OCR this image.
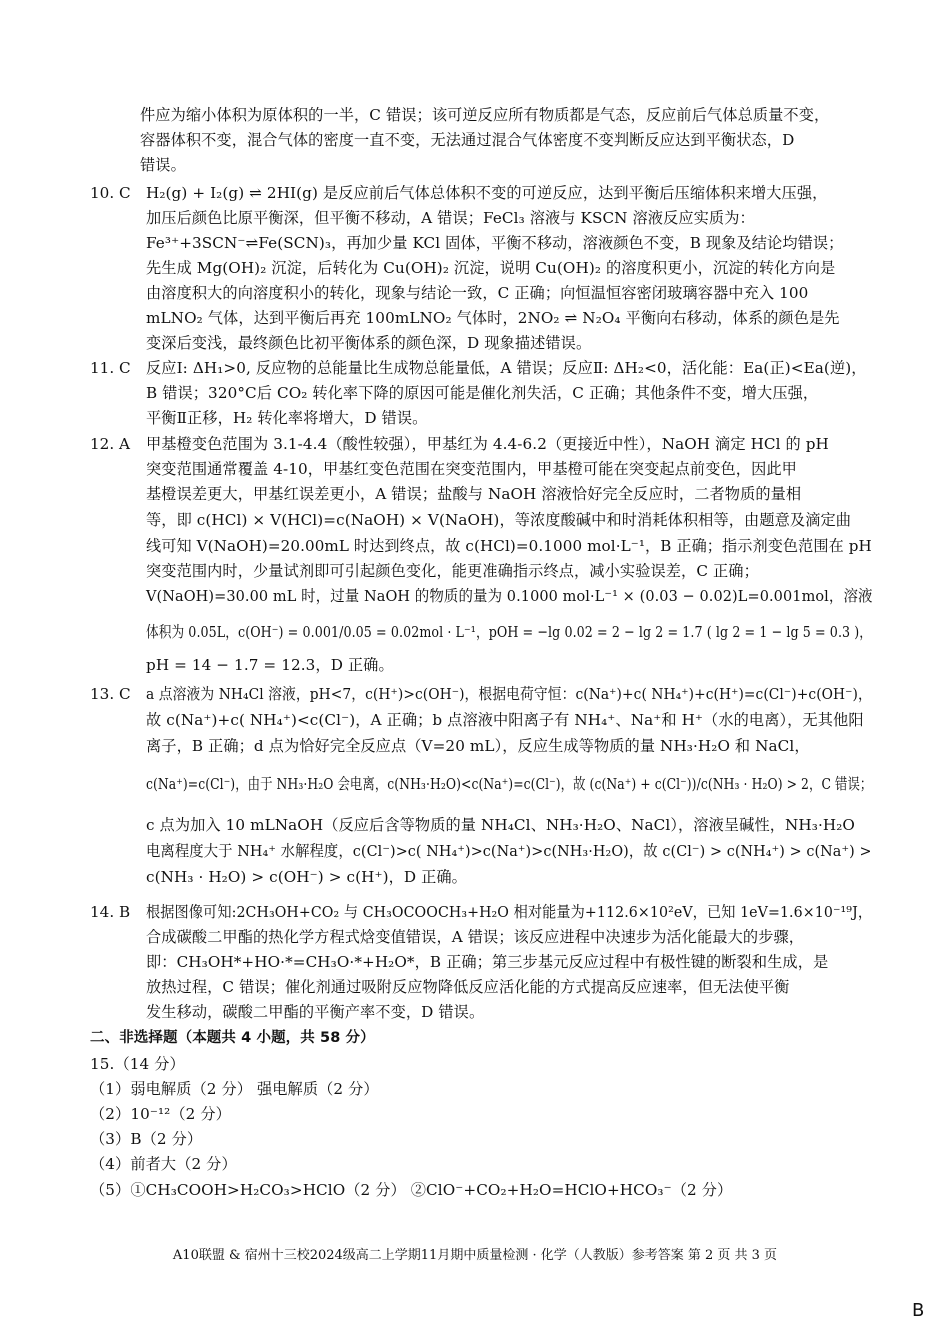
件应为缩小体积为原体积的一半，C 错误；该可逆反应所有物质都是气态，反应前后气体总质量不变，
容器体积不变，混合气体的密度一直不变，无法通过混合气体密度不变判断反应达到平衡状态，D
错误。
10. C H₂(g) + I₂(g) ⇌ 2HI(g) 是反应前后气体总体积不变的可逆反应，达到平衡后压缩体积来增大压强，
加压后颜色比原平衡深，但平衡不移动，A 错误；FeCl₃ 溶液与 KSCN 溶液反应实质为：
Fe³⁺+3SCN⁻⇌Fe(SCN)₃，再加少量 KCl 固体，平衡不移动，溶液颜色不变，B 现象及结论均错误；
先生成 Mg(OH)₂ 沉淀，后转化为 Cu(OH)₂ 沉淀，说明 Cu(OH)₂ 的溶度积更小，沉淀的转化方向是
由溶度积大的向溶度积小的转化，现象与结论一致，C 正确；向恒温恒容密闭玻璃容器中充入 100
mLNO₂ 气体，达到平衡后再充 100mLNO₂ 气体时，2NO₂ ⇌ N₂O₄ 平衡向右移动，体系的颜色是先
变深后变浅，最终颜色比初平衡体系的颜色深，D 现象描述错误。
11. C 反应Ⅰ: ΔH₁>0, 反应物的总能量比生成物总能量低，A 错误；反应Ⅱ: ΔH₂<0，活化能：Ea(正)<Ea(逆)，
B 错误；320°C后 CO₂ 转化率下降的原因可能是催化剂失活，C 正确；其他条件不变，增大压强，
平衡Ⅱ正移，H₂ 转化率将增大，D 错误。
12. A 甲基橙变色范围为 3.1-4.4（酸性较强），甲基红为 4.4-6.2（更接近中性），NaOH 滴定 HCl 的 pH
突变范围通常覆盖 4-10，甲基红变色范围在突变范围内，甲基橙可能在突变起点前变色，因此甲
基橙误差更大，甲基红误差更小，A 错误；盐酸与 NaOH 溶液恰好完全反应时，二者物质的量相
等，即 c(HCl) × V(HCl)=c(NaOH) × V(NaOH)，等浓度酸碱中和时消耗体积相等，由题意及滴定曲
线可知 V(NaOH)=20.00mL 时达到终点，故 c(HCl)=0.1000 mol·L⁻¹，B 正确；指示剂变色范围在 pH
突变范围内时，少量试剂即可引起颜色变化，能更准确指示终点，减小实验误差，C 正确；
V(NaOH)=30.00 mL 时，过量 NaOH 的物质的量为 0.1000 mol·L⁻¹ × (0.03 − 0.02)L=0.001mol，溶液
体积为 0.05L，c(OH⁻) = 0.001/0.05 = 0.02mol · L⁻¹，pOH = −lg 0.02 = 2 − lg 2 = 1.7 ( lg 2 = 1 − lg 5 = 0.3 )，
pH = 14 − 1.7 = 12.3，D 正确。
13. C a 点溶液为 NH₄Cl 溶液，pH<7，c(H⁺)>c(OH⁻)，根据电荷守恒：c(Na⁺)+c( NH₄⁺)+c(H⁺)=c(Cl⁻)+c(OH⁻)，
故 c(Na⁺)+c( NH₄⁺)<c(Cl⁻)，A 正确；b 点溶液中阳离子有 NH₄⁺、Na⁺和 H⁺（水的电离），无其他阳
离子，B 正确；d 点为恰好完全反应点（V=20 mL），反应生成等物质的量 NH₃·H₂O 和 NaCl，
c(Na⁺)=c(Cl⁻)，由于 NH₃·H₂O 会电离，c(NH₃·H₂O)<c(Na⁺)=c(Cl⁻)，故 (c(Na⁺) + c(Cl⁻))/c(NH₃ · H₂O) > 2，C 错误；
c 点为加入 10 mLNaOH（反应后含等物质的量 NH₄Cl、NH₃·H₂O、NaCl），溶液呈碱性，NH₃·H₂O
电离程度大于 NH₄⁺ 水解程度，c(Cl⁻)>c( NH₄⁺)>c(Na⁺)>c(NH₃·H₂O)，故 c(Cl⁻) > c(NH₄⁺) > c(Na⁺) >
c(NH₃ · H₂O) > c(OH⁻) > c(H⁺)，D 正确。
14. B 根据图像可知:2CH₃OH+CO₂ 与 CH₃OCOOCH₃+H₂O 相对能量为+112.6×10²eV，已知 1eV=1.6×10⁻¹⁹J，
合成碳酸二甲酯的热化学方程式焓变值错误，A 错误；该反应进程中决速步为活化能最大的步骤，
即：CH₃OH*+HO·*=CH₃O·*+H₂O*，B 正确；第三步基元反应过程中有极性键的断裂和生成，是
放热过程，C 错误；催化剂通过吸附反应物降低反应活化能的方式提高反应速率，但无法使平衡
发生移动，碳酸二甲酯的平衡产率不变，D 错误。
二、非选择题（本题共 4 小题，共 58 分）
15.（14 分）
（1）弱电解质（2 分） 强电解质（2 分）
（2）10⁻¹²（2 分）
（3）B（2 分）
（4）前者大（2 分）
（5）①CH₃COOH>H₂CO₃>HClO（2 分） ②ClO⁻+CO₂+H₂O=HClO+HCO₃⁻（2 分）
A10联盟 & 宿州十三校2024级高二上学期11月期中质量检测 · 化学（人教版）参考答案 第 2 页 共 3 页
B
